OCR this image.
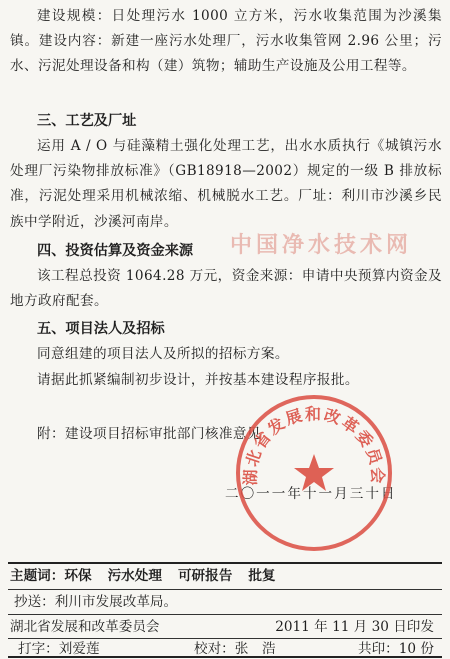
建设规模：日处理污水 1000 立方米，污水收集范围为沙溪集镇。建设内容：新建一座污水处理厂，污水收集管网 2.96 公里；污水、污泥处理设备和构（建）筑物；辅助生产设施及公用工程等。

三、工艺及厂址

运用 A / O 与硅藻精土强化处理工艺，出水水质执行《城镇污水处理厂污染物排放标准》（GB18918—2002）规定的一级 B 排放标准，污泥处理采用机械浓缩、机械脱水工艺。厂址：利川市沙溪乡民族中学附近，沙溪河南岸。

中国净水技术网

四、投资估算及资金来源

该工程总投资 1064.28 万元，资金来源：申请中央预算内资金及地方政府配套。

五、项目法人及招标

同意组建的项目法人及所拟的招标方案。

请据此抓紧编制初步设计，并按基本建设程序报批。

附：建设项目招标审批部门核准意见

二〇一一年十一月三十日
湖北省发展和改革委员会
主题词：环保 污水处理 可研报告 批复
抄送：利川市发展改革局。
湖北省发展和改革委员会	2011 年 11 月 30 日印发
打字：刘爱莲	校对：张　浩	共印：10 份
